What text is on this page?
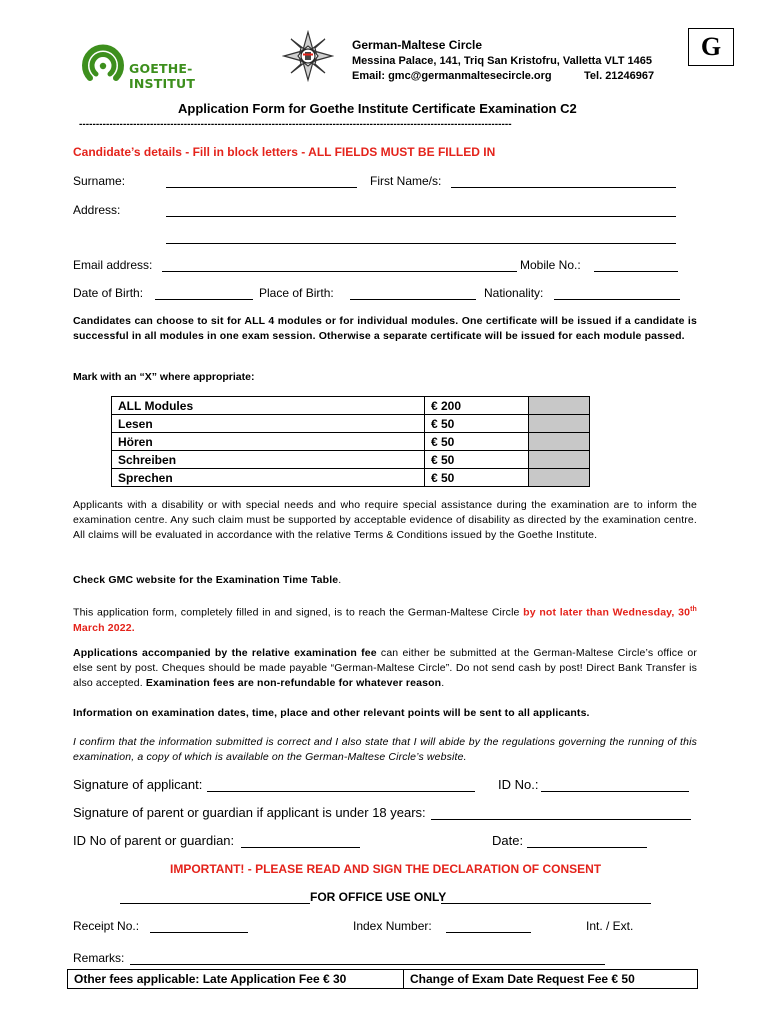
GOETHE-INSTITUT
German-Maltese Circle
Messina Palace, 141, Triq San Kristofru, Valletta VLT 1465
Email: gmc@germanmaltesecircle.org	Tel. 21246967
G
Application Form for Goethe Institute Certificate Examination C2
--------------------------------------------------------------------------------------------------------------------------------
Candidate’s details - Fill in block letters - ALL FIELDS MUST BE FILLED IN
Surname:	First Name/s:
Address:
Email address:	Mobile No.:
Date of Birth:	Place of Birth:	Nationality:
Candidates can choose to sit for ALL 4 modules or for individual modules. One certificate will be issued if a candidate is successful in all modules in one exam session. Otherwise a separate certificate will be issued for each module passed.
Mark with an “X” where appropriate:
ALL Modules	€ 200	
Lesen	€ 50	
Hören	€ 50	
Schreiben	€ 50	
Sprechen	€ 50	
Applicants with a disability or with special needs and who require special assistance during the examination are to inform the examination centre. Any such claim must be supported by acceptable evidence of disability as directed by the examination centre. All claims will be evaluated in accordance with the relative Terms & Conditions issued by the Goethe Institute.
Check GMC website for the Examination Time Table.
This application form, completely filled in and signed, is to reach the German-Maltese Circle by not later than Wednesday, 30th March 2022.
Applications accompanied by the relative examination fee can either be submitted at the German-Maltese Circle’s office or else sent by post. Cheques should be made payable “German-Maltese Circle”. Do not send cash by post! Direct Bank Transfer is also accepted. Examination fees are non-refundable for whatever reason.
Information on examination dates, time, place and other relevant points will be sent to all applicants.
I confirm that the information submitted is correct and I also state that I will abide by the regulations governing the running of this examination, a copy of which is available on the German-Maltese Circle’s website.
Signature of applicant:	ID No.:
Signature of parent or guardian if applicant is under 18 years:
ID No of parent or guardian:	Date:
IMPORTANT! - PLEASE READ AND SIGN THE DECLARATION OF CONSENT
FOR OFFICE USE ONLY
Receipt No.:	Index Number:	Int. / Ext.
Remarks:
Other fees applicable: Late Application Fee € 30	Change of Exam Date Request Fee € 50
